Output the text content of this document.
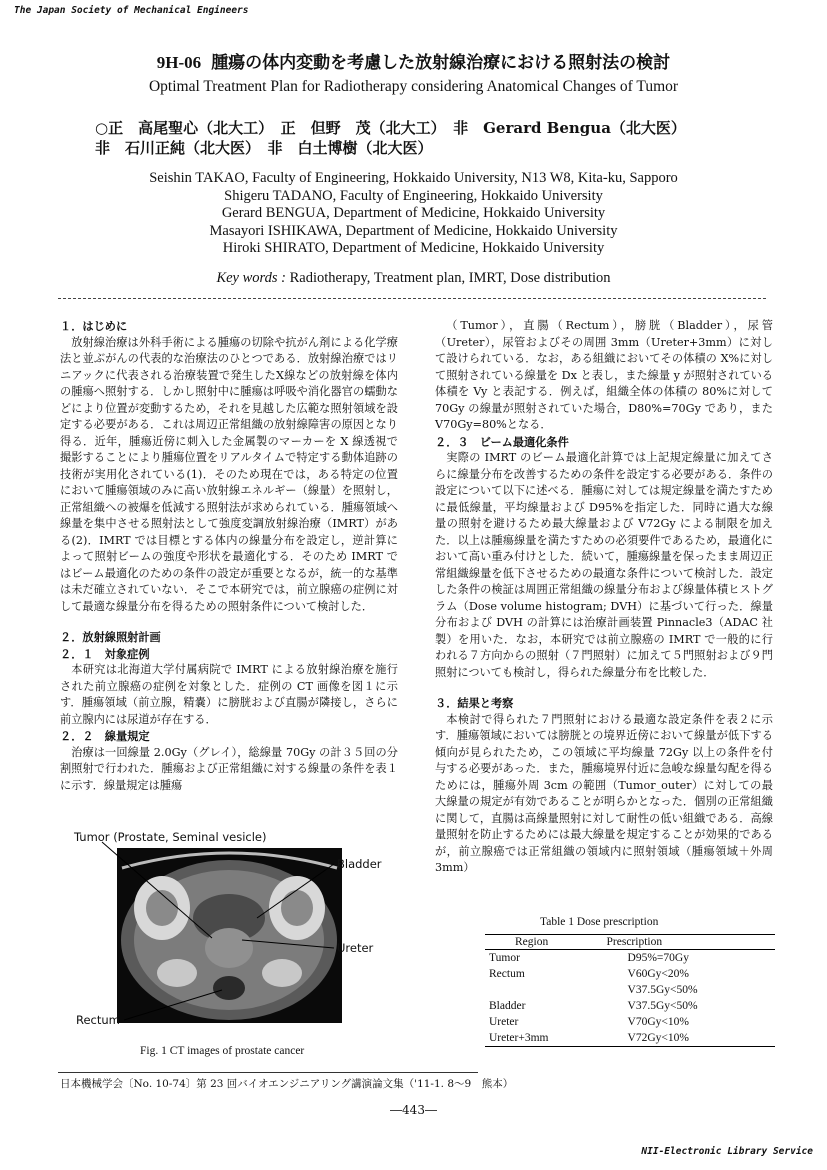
The Japan Society of Mechanical Engineers
9H-06 腫瘍の体内変動を考慮した放射線治療における照射法の検討
Optimal Treatment Plan for Radiotherapy considering Anatomical Changes of Tumor
○正　高尾聖心（北大工）　正　但野　茂（北大工）　非　Gerard Bengua（北大医）
非　石川正純（北大医）　非　白土博樹（北大医）
Seishin TAKAO, Faculty of Engineering, Hokkaido University, N13 W8, Kita-ku, Sapporo
Shigeru TADANO, Faculty of Engineering, Hokkaido University
Gerard BENGUA, Department of Medicine, Hokkaido University
Masayori ISHIKAWA, Department of Medicine, Hokkaido University
Hiroki SHIRATO, Department of Medicine, Hokkaido University
Key words : Radiotherapy, Treatment plan, IMRT, Dose distribution

１．はじめに

放射線治療は外科手術による腫瘍の切除や抗がん剤による化学療法と並ぶがんの代表的な治療法のひとつである．放射線治療ではリニアックに代表される治療装置で発生したX線などの放射線を体内の腫瘍へ照射する．しかし照射中に腫瘍は呼吸や消化器官の蠕動などにより位置が変動するため，それを見越した広範な照射領域を設定する必要がある．これは周辺正常組織の放射線障害の原因となり得る．近年，腫瘍近傍に刺入した金属製のマーカーを X 線透視で撮影することにより腫瘍位置をリアルタイムで特定する動体追跡の技術が実用化されている(1)．そのため現在では，ある特定の位置において腫瘍領域のみに高い放射線エネルギー（線量）を照射し，正常組織への被爆を低減する照射法が求められている．腫瘍領域へ線量を集中させる照射法として強度変調放射線治療（IMRT）がある(2)．IMRT では目標とする体内の線量分布を設定し，逆計算によって照射ビームの強度や形状を最適化する．そのため IMRT ではビーム最適化のための条件の設定が重要となるが，統一的な基準は未だ確立されていない．そこで本研究では，前立腺癌の症例に対して最適な線量分布を得るための照射条件について検討した．

２．放射線照射計画

２．１　対象症例

本研究は北海道大学付属病院で IMRT による放射線治療を施行された前立腺癌の症例を対象とした．症例の CT 画像を図１に示す．腫瘍領域（前立腺，精嚢）に膀胱および直腸が隣接し，さらに前立腺内には尿道が存在する．

２．２　線量規定

治療は一回線量 2.0Gy（グレイ），総線量 70Gy の計３５回の分割照射で行われた．腫瘍および正常組織に対する線量の条件を表１に示す．線量規定は腫瘍

（Tumor），直腸（Rectum），膀胱（Bladder），尿管（Ureter），尿管およびその周囲 3mm（Ureter+3mm）に対して設けられている．なお，ある組織においてその体積の X%に対して照射されている線量を Dx と表し，また線量 y が照射されている体積を Vy と表記する．例えば，組織全体の体積の 80%に対して 70Gy の線量が照射されていた場合，D80%=70Gy であり，また V70Gy=80%となる．

２．３　ビーム最適化条件

実際の IMRT のビーム最適化計算では上記規定線量に加えてさらに線量分布を改善するための条件を設定する必要がある．条件の設定について以下に述べる．腫瘍に対しては規定線量を満たすために最低線量，平均線量および D95%を指定した．同時に過大な線量の照射を避けるため最大線量および V72Gy による制限を加えた．以上は腫瘍線量を満たすための必須要件であるため，最適化において高い重み付けとした．続いて，腫瘍線量を保ったまま周辺正常組織線量を低下させるための最適な条件について検討した．設定した条件の検証は周囲正常組織の線量分布および線量体積ヒストグラム（Dose volume histogram; DVH）に基づいて行った．線量分布および DVH の計算には治療計画装置 Pinnacle3（ADAC 社製）を用いた．なお，本研究では前立腺癌の IMRT で一般的に行われる７方向からの照射（７門照射）に加えて５門照射および９門照射についても検討し，得られた線量分布を比較した．

３．結果と考察

本検討で得られた７門照射における最適な設定条件を表２に示す．腫瘍領域においては膀胱との境界近傍において線量が低下する傾向が見られたため，この領域に平均線量 72Gy 以上の条件を付与する必要があった．また，腫瘍境界付近に急峻な線量勾配を得るためには，腫瘍外周 3cm の範囲（Tumor_outer）に対しての最大線量の規定が有効であることが明らかとなった．個別の正常組織に関して，直腸は高線量照射に対して耐性の低い組織である．高線量照射を防止するためには最大線量を規定することが効果的であるが，前立腺癌では正常組織の領域内に照射領域（腫瘍領域＋外周 3mm）

Tumor (Prostate, Seminal vesicle)
Bladder
Ureter
Rectum
Fig. 1 CT images of prostate cancer
Table 1 Dose prescription
Region	Prescription
Tumor	D95%=70Gy
Rectum	V60Gy<20%
	V37.5Gy<50%
Bladder	V37.5Gy<50%
Ureter	V70Gy<10%
Ureter+3mm	V72Gy<10%
日本機械学会〔No. 10-74〕第 23 回バイオエンジニアリング講演論文集（'11-1. 8～9　熊本）
―443―
NII-Electronic Library Service
